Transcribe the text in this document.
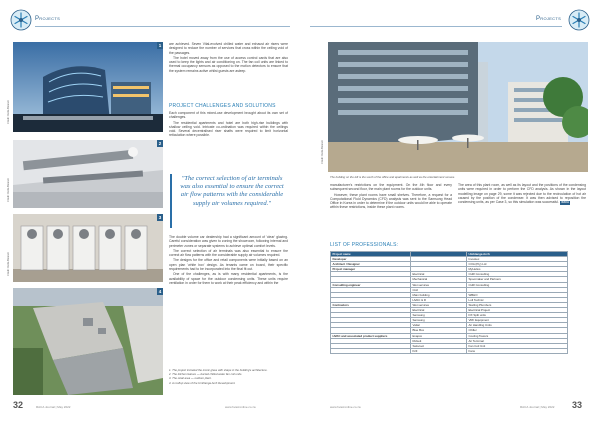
Projects
Credit: Delia Bennett
1	are achieved. Seven Vital-evolved chilled water and exhaust air risers were designed to reduce the number of services that cross within the ceiling void of the passages.

The hotel moved away from the use of access control cards that are also used to keep the lights and air conditioning on. The fan coil units are linked to thermal occupancy sensors as opposed to the motion detectors to ensure that the system remains active whilst guests are asleep.

PROJECT CHALLENGES AND SOLUTIONS

Each component of this mixed-use development brought about its own set of challenges.

The residential apartments and hotel are both high-rise buildings with shallow ceiling void. Intricate co-ordination was required within the ceilings void. Several decentralised riser shafts were required to limit horizontal reticulation where possible.

Credit: Delia Bennett
2
"The correct selection of air terminals was also essential to ensure the correct air flow patterns with the considerable supply air volumes required."
Credit: Delia Bennett
3

The double volume car dealership had a significant amount of 'clear' glazing. Careful consideration was given to zoning the showroom, following internal and perimeter zones or separate systems to achieve optimal comfort levels.

The correct selection of air terminals was also essential to ensure the correct air flow patterns with the considerable supply air volumes required.

The designs for the office and retail components were initially based on an open plan 'white box' design. As tenants came on board, their specific requirements had to be incorporated into the final fit out.

One of the challenges, as is with many residential apartments, is the availability of space for the outdoor condensing units. These units require ventilation in order for them to work at their peak efficiency and within the

4
1. The project included the iconic glass with shape in the building's architecture.
2. The kitchen feature — ducted chilled water fan coil units.
3. The retail area — outdoor plant.
4. A rooftop view of the Umhlanga Arch Development.
32	RACA Journal | May 2022	www.hvacronline.co.za
Projects
Credit: Delia Bennett
The building on the left is the south of the office and apartments as well as the entertainment venues.

manufacturer's restrictions on the equipment. On the 4th floor and every subsequent second floor, the main plant rooms for the outdoor units.

However, these plant rooms have small shelves. Therefore, a request for a Computational Fluid Dynamics (CFD) analysis was sent to the Samsung Head Office in Korea in order to determine if the outdoor units would be able to operate within these restrictions, inside these plant rooms.

The area of this plant room, as well as its layout and the positions of the condensing units were required in order to perform the CFD analysis. As shown in the layout modelling image on page 29, some it was rejected due to the recirculation of hot air caused by the position of the condenser. It was then advised to reposition the condensing units, as per Case 3, so this simulation was successful. RACA

LIST OF PROFESSIONALS:
33
www.hvacronline.co.za	RACA Journal | May 2022
Project name		Umhlanga Arch
Developer		Investec
Architect / Designer		COA (Pty) Ltd
Project manager		MyHelios
	Electrical	CHR Consulting
	Mechanical	Spoornaker and Partners
Consulting engineer	Wet services	CHR Consulting
	Civil	
	Main building	WBHO
	HVAC & R	Lufi Technic
Contractors	Wet services	Starling Plumbers
	Electrical	Electrical Project
	Samsung	DX Split units
	Samsung	VRF Equipment
	Vattar	Air Handling Units
	Blue Box	Chiller
HVAC and associated product suppliers	Evapco	Cooling Towers
	Rickett	Air Terminal
	Swiscool	Fan Coil Unit
	Krill	Fans
